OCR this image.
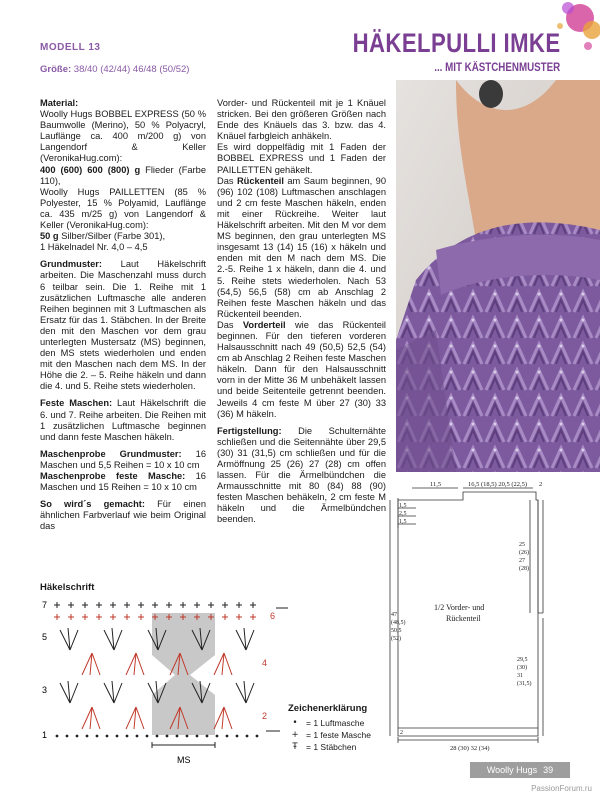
MODELL 13
Größe: 38/40 (42/44) 46/48 (50/52)
HÄKELPULLI IMKE
... MIT KÄSTCHENMUSTER

Material:
Woolly Hugs BOBBEL EXPRESS (50 % Baumwolle (Merino), 50 % Polyacryl, Lauflänge ca. 400 m/200 g) von Langendorf & Keller (VeronikaHug.com):
400 (600) 600 (800) g Flieder (Farbe 110),
Woolly Hugs PAILLETTEN (85 % Polyester, 15 % Polyamid, Lauflänge ca. 435 m/25 g) von Langendorf & Keller (VeronikaHug.com):
50 g Silber/Silber (Farbe 301),
1 Häkelnadel Nr. 4,0 – 4,5

Grundmuster: Laut Häkelschrift arbeiten. Die Maschenzahl muss durch 6 teilbar sein. Die 1. Reihe mit 1 zusätzlichen Luftmasche alle anderen Reihen beginnen mit 3 Luftmaschen als Ersatz für das 1. Stäbchen. In der Breite den mit den Maschen vor dem grau unterlegten Mustersatz (MS) beginnen, den MS stets wiederholen und enden mit den Maschen nach dem MS. In der Höhe die 2. – 5. Reihe häkeln und dann die 4. und 5. Reihe stets wiederholen.

Feste Maschen: Laut Häkelschrift die 6. und 7. Reihe arbeiten. Die Reihen mit 1 zusätzlichen Luftmasche beginnen und dann feste Maschen häkeln.

Maschenprobe Grundmuster: 16 Maschen und 5,5 Reihen = 10 x 10 cm
Maschenprobe feste Masche: 16 Maschen und 15 Reihen = 10 x 10 cm

So wird´s gemacht: Für einen ähnlichen Farbverlauf wie beim Original das

Vorder- und Rückenteil mit je 1 Knäuel stricken. Bei den größeren Größen nach Ende des Knäuels das 3. bzw. das 4. Knäuel farbgleich anhäkeln.

Es wird doppelfädig mit 1 Faden der BOBBEL EXPRESS und 1 Faden der PAILLETTEN gehäkelt.

Das Rückenteil am Saum beginnen, 90 (96) 102 (108) Luftmaschen anschlagen und 2 cm feste Maschen häkeln, enden mit einer Rückreihe. Weiter laut Häkelschrift arbeiten. Mit den M vor dem MS beginnen, den grau unterlegten MS insgesamt 13 (14) 15 (16) x häkeln und enden mit den M nach dem MS. Die 2.-5. Reihe 1 x häkeln, dann die 4. und 5. Reihe stets wiederholen. Nach 53 (54,5) 56,5 (58) cm ab Anschlag 2 Reihen feste Maschen häkeln und das Rückenteil beenden.

Das Vorderteil wie das Rückenteil beginnen. Für den tieferen vorderen Halsausschnitt nach 49 (50,5) 52,5 (54) cm ab Anschlag 2 Reihen feste Maschen häkeln. Dann für den Halsausschnitt vorn in der Mitte 36 M unbehäkelt lassen und beide Seitenteile getrennt beenden. Jeweils 4 cm feste M über 27 (30) 33 (36) M häkeln.

Fertigstellung: Die Schulternähte schließen und die Seitennähte über 29,5 (30) 31 (31,5) cm schließen und für die Armöffnung 25 (26) 27 (28) cm offen lassen. Für die Ärmelbündchen die Armausschnitte mit 80 (84) 88 (90) festen Maschen behäkeln, 2 cm feste M häkeln und die Ärmelbündchen beenden.

Häkelschrift
7
6
5
4
3
2
1
MS
Zeichenerklärung
•	= 1 Luftmasche
+ = 1 feste Masche
Ŧ = 1 Stäbchen
11,5	16,5 (18,5) 20,5 (22,5) 2
1,5
2,5
1,5
47
(48,5)
50,5
(52)
25
(26)
27
(28)
29,5
(30)
31
(31,5)
1/2 Vorder- und
Rückenteil
2
28 (30) 32 (34)
Woolly Hugs 39
PassionForum.ru
